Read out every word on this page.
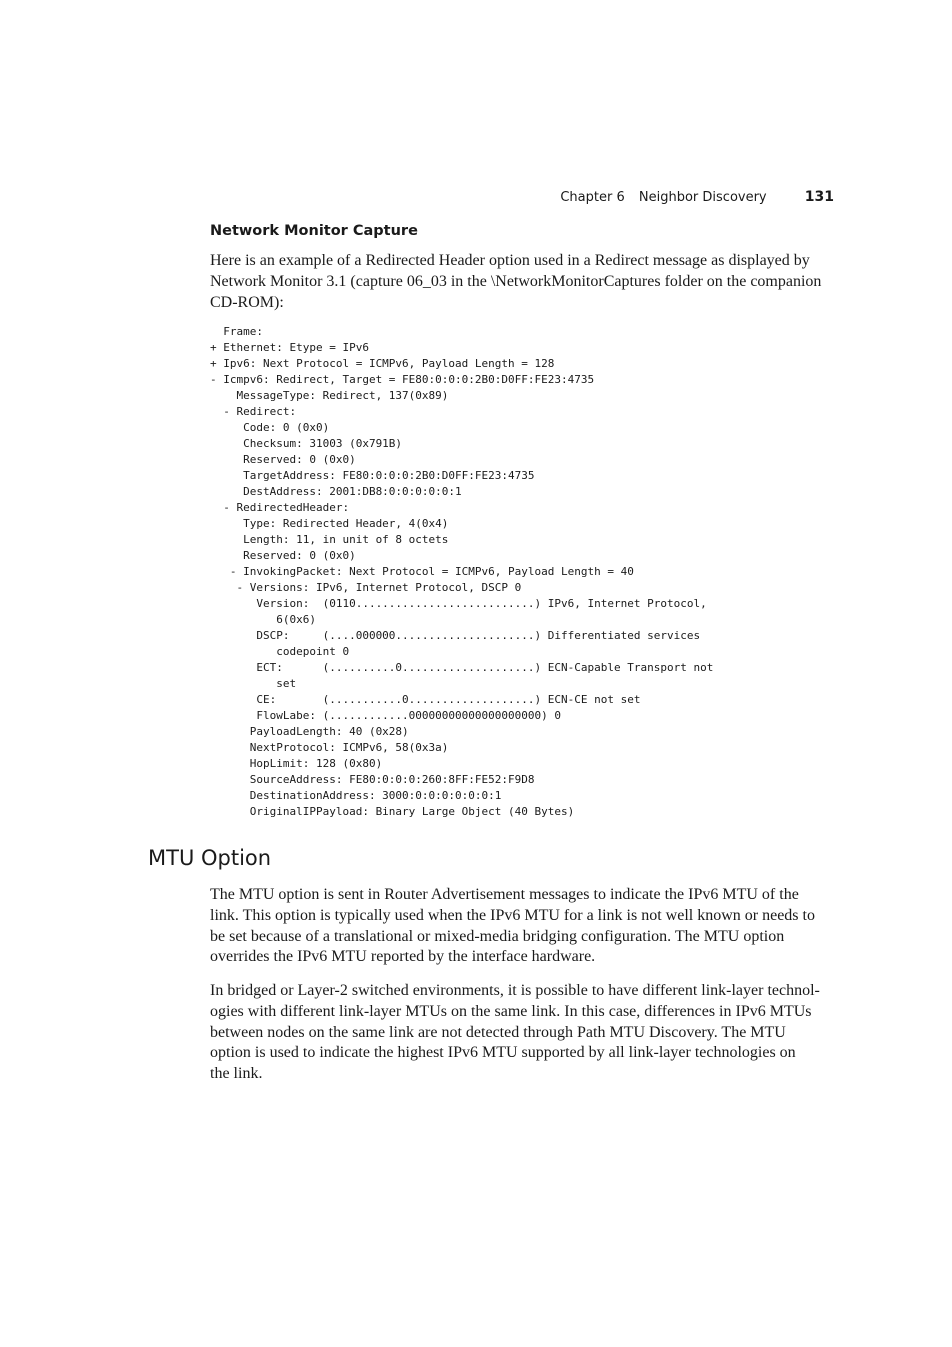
Chapter 6 Neighbor Discovery	131
Network Monitor Capture

Here is an example of a Redirected Header option used in a Redirect message as displayed by
Network Monitor 3.1 (capture 06_03 in the \NetworkMonitorCaptures folder on the companion
CD-ROM):

Frame:
+ Ethernet: Etype = IPv6
+ Ipv6: Next Protocol = ICMPv6, Payload Length = 128
- Icmpv6: Redirect, Target = FE80:0:0:0:2B0:D0FF:FE23:4735
MessageType: Redirect, 137(0x89)
- Redirect:
Code: 0 (0x0)
Checksum: 31003 (0x791B)
Reserved: 0 (0x0)
TargetAddress: FE80:0:0:0:2B0:D0FF:FE23:4735
DestAddress: 2001:DB8:0:0:0:0:0:1
- RedirectedHeader:
Type: Redirected Header, 4(0x4)
Length: 11, in unit of 8 octets
Reserved: 0 (0x0)
- InvokingPacket: Next Protocol = ICMPv6, Payload Length = 40
- Versions: IPv6, Internet Protocol, DSCP 0
Version:  (0110...........................) IPv6, Internet Protocol,
6(0x6)
DSCP:     (....000000.....................) Differentiated services
codepoint 0
ECT:      (..........0....................) ECN-Capable Transport not
set
CE:       (...........0...................) ECN-CE not set
FlowLabe: (............00000000000000000000) 0
PayloadLength: 40 (0x28)
NextProtocol: ICMPv6, 58(0x3a)
HopLimit: 128 (0x80)
SourceAddress: FE80:0:0:0:260:8FF:FE52:F9D8
DestinationAddress: 3000:0:0:0:0:0:0:1
OriginalIPPayload: Binary Large Object (40 Bytes)
MTU Option

The MTU option is sent in Router Advertisement messages to indicate the IPv6 MTU of the
link. This option is typically used when the IPv6 MTU for a link is not well known or needs to
be set because of a translational or mixed-media bridging configuration. The MTU option
overrides the IPv6 MTU reported by the interface hardware.

In bridged or Layer-2 switched environments, it is possible to have different link-layer technol-
ogies with different link-layer MTUs on the same link. In this case, differences in IPv6 MTUs
between nodes on the same link are not detected through Path MTU Discovery. The MTU
option is used to indicate the highest IPv6 MTU supported by all link-layer technologies on
the link.
